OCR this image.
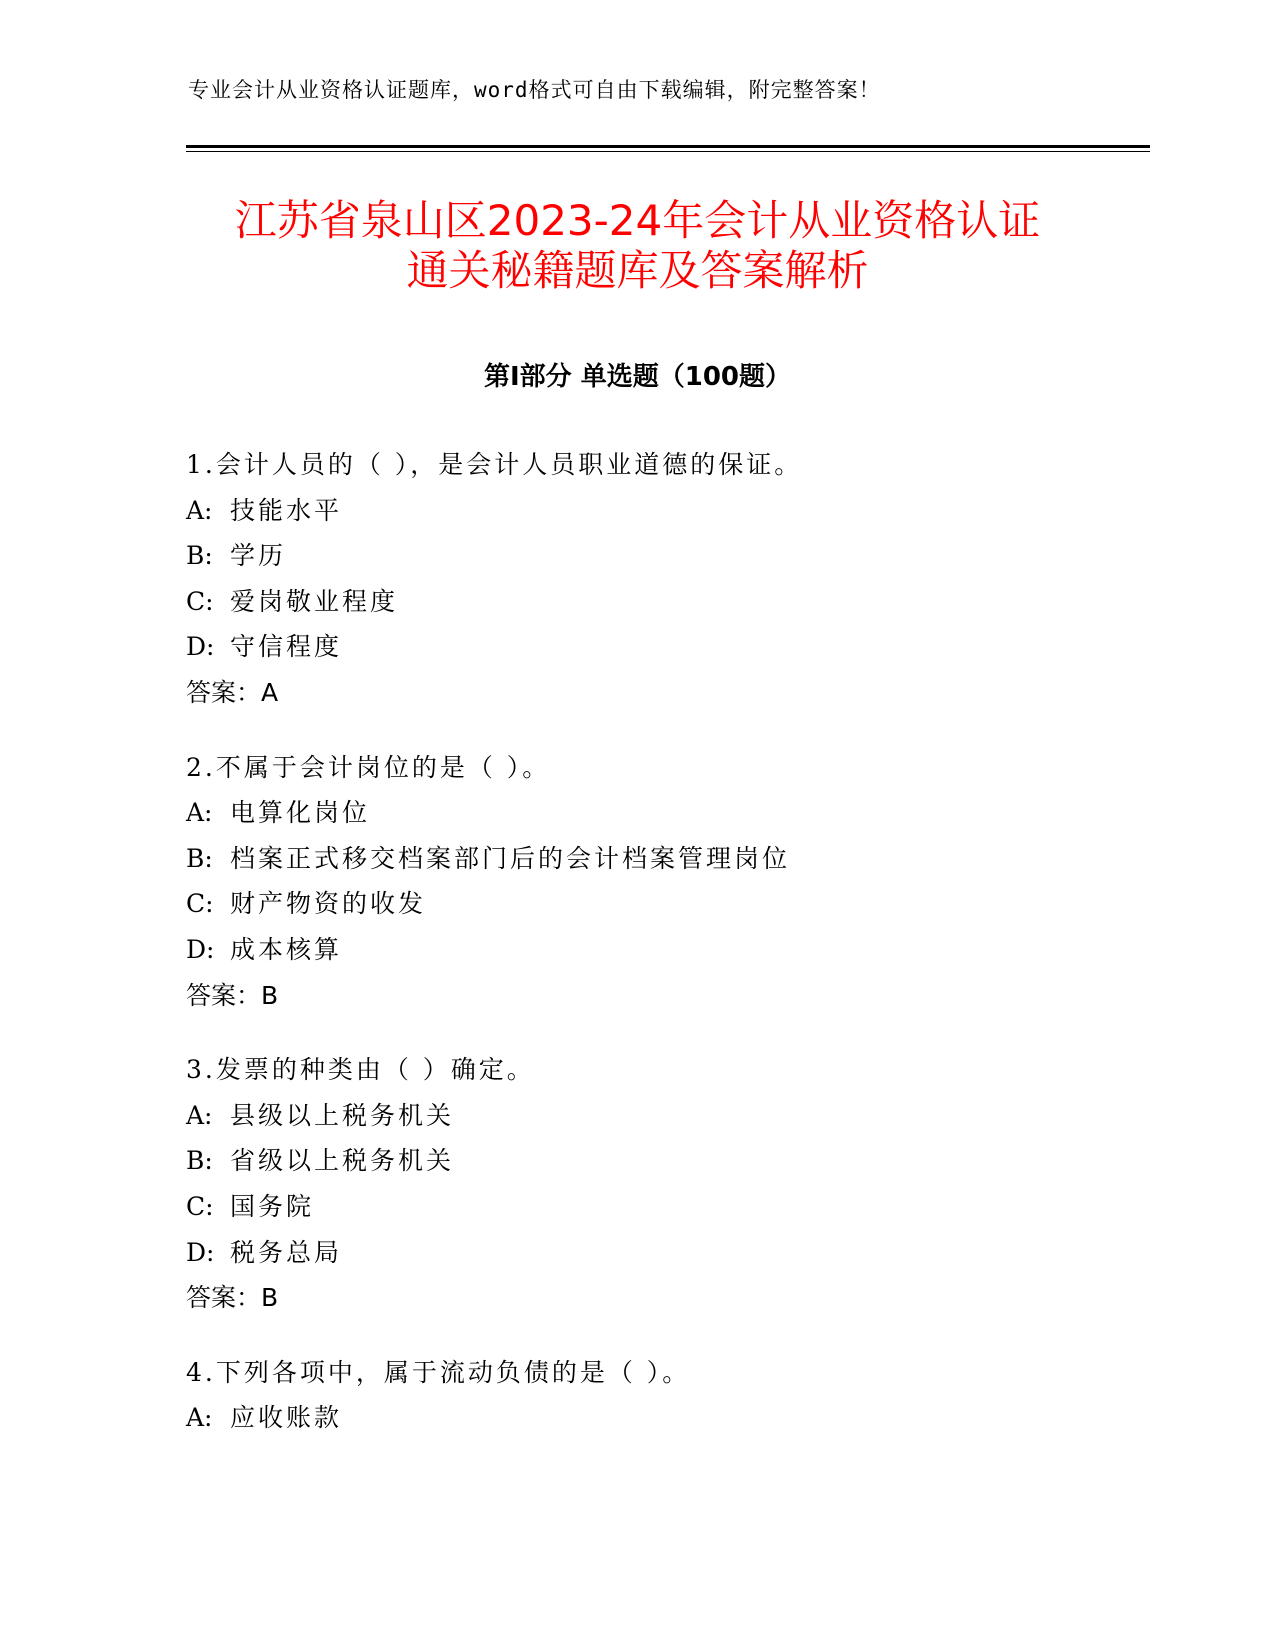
专业会计从业资格认证题库，word格式可自由下载编辑，附完整答案！
江苏省泉山区2023-24年会计从业资格认证
通关秘籍题库及答案解析
第Ⅰ部分 单选题（100题）
1.会计人员的（ ），是会计人员职业道德的保证。
A: 技能水平
B: 学历
C: 爱岗敬业程度
D: 守信程度
答案：A
2.不属于会计岗位的是（ ）。
A: 电算化岗位
B: 档案正式移交档案部门后的会计档案管理岗位
C: 财产物资的收发
D: 成本核算
答案：B
3.发票的种类由（ ）确定。
A: 县级以上税务机关
B: 省级以上税务机关
C: 国务院
D: 税务总局
答案：B
4.下列各项中，属于流动负债的是（ ）。
A: 应收账款
